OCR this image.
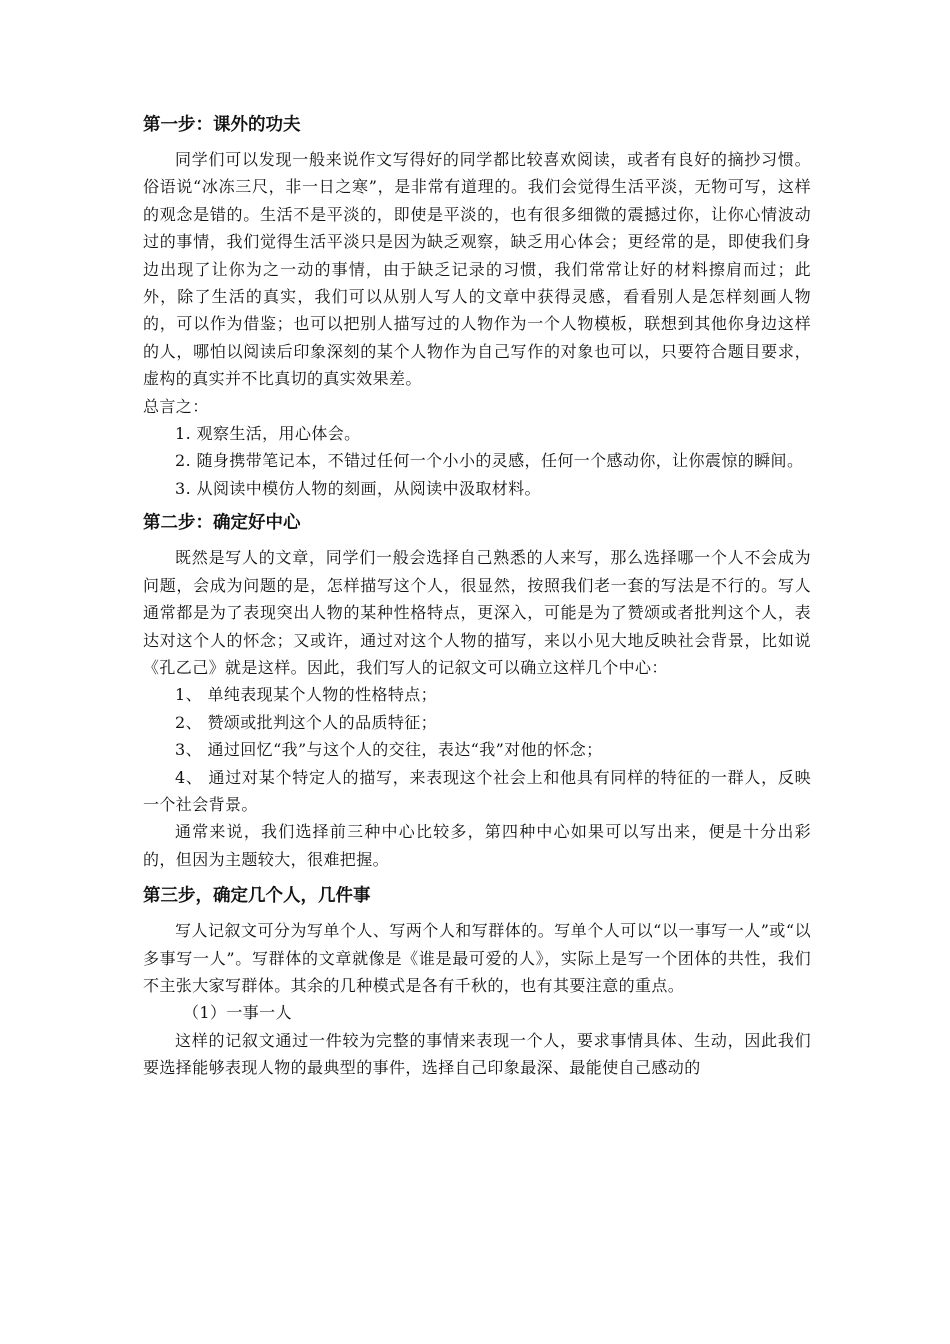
第一步：课外的功夫

同学们可以发现一般来说作文写得好的同学都比较喜欢阅读，或者有良好的摘抄习惯。俗语说“冰冻三尺，非一日之寒”，是非常有道理的。我们会觉得生活平淡，无物可写，这样的观念是错的。生活不是平淡的，即使是平淡的，也有很多细微的震撼过你，让你心情波动过的事情，我们觉得生活平淡只是因为缺乏观察，缺乏用心体会；更经常的是，即使我们身边出现了让你为之一动的事情，由于缺乏记录的习惯，我们常常让好的材料擦肩而过；此外，除了生活的真实，我们可以从别人写人的文章中获得灵感，看看别人是怎样刻画人物的，可以作为借鉴；也可以把别人描写过的人物作为一个人物模板，联想到其他你身边这样的人，哪怕以阅读后印象深刻的某个人物作为自己写作的对象也可以，只要符合题目要求，虚构的真实并不比真切的真实效果差。

总言之：

1. 观察生活，用心体会。

2. 随身携带笔记本，不错过任何一个小小的灵感，任何一个感动你，让你震惊的瞬间。

3. 从阅读中模仿人物的刻画，从阅读中汲取材料。

第二步：确定好中心

既然是写人的文章，同学们一般会选择自己熟悉的人来写，那么选择哪一个人不会成为问题，会成为问题的是，怎样描写这个人，很显然，按照我们老一套的写法是不行的。写人通常都是为了表现突出人物的某种性格特点，更深入，可能是为了赞颂或者批判这个人，表达对这个人的怀念；又或许，通过对这个人物的描写，来以小见大地反映社会背景，比如说《孔乙己》就是这样。因此，我们写人的记叙文可以确立这样几个中心：

1、 单纯表现某个人物的性格特点；

2、 赞颂或批判这个人的品质特征；

3、 通过回忆“我”与这个人的交往，表达“我”对他的怀念；

4、 通过对某个特定人的描写，来表现这个社会上和他具有同样的特征的一群人，反映一个社会背景。

通常来说，我们选择前三种中心比较多，第四种中心如果可以写出来，便是十分出彩的，但因为主题较大，很难把握。

第三步，确定几个人，几件事

写人记叙文可分为写单个人、写两个人和写群体的。写单个人可以“以一事写一人”或“以多事写一人”。写群体的文章就像是《谁是最可爱的人》，实际上是写一个团体的共性，我们不主张大家写群体。其余的几种模式是各有千秋的，也有其要注意的重点。

（1）一事一人

这样的记叙文通过一件较为完整的事情来表现一个人，要求事情具体、生动，因此我们要选择能够表现人物的最典型的事件，选择自己印象最深、最能使自己感动的
